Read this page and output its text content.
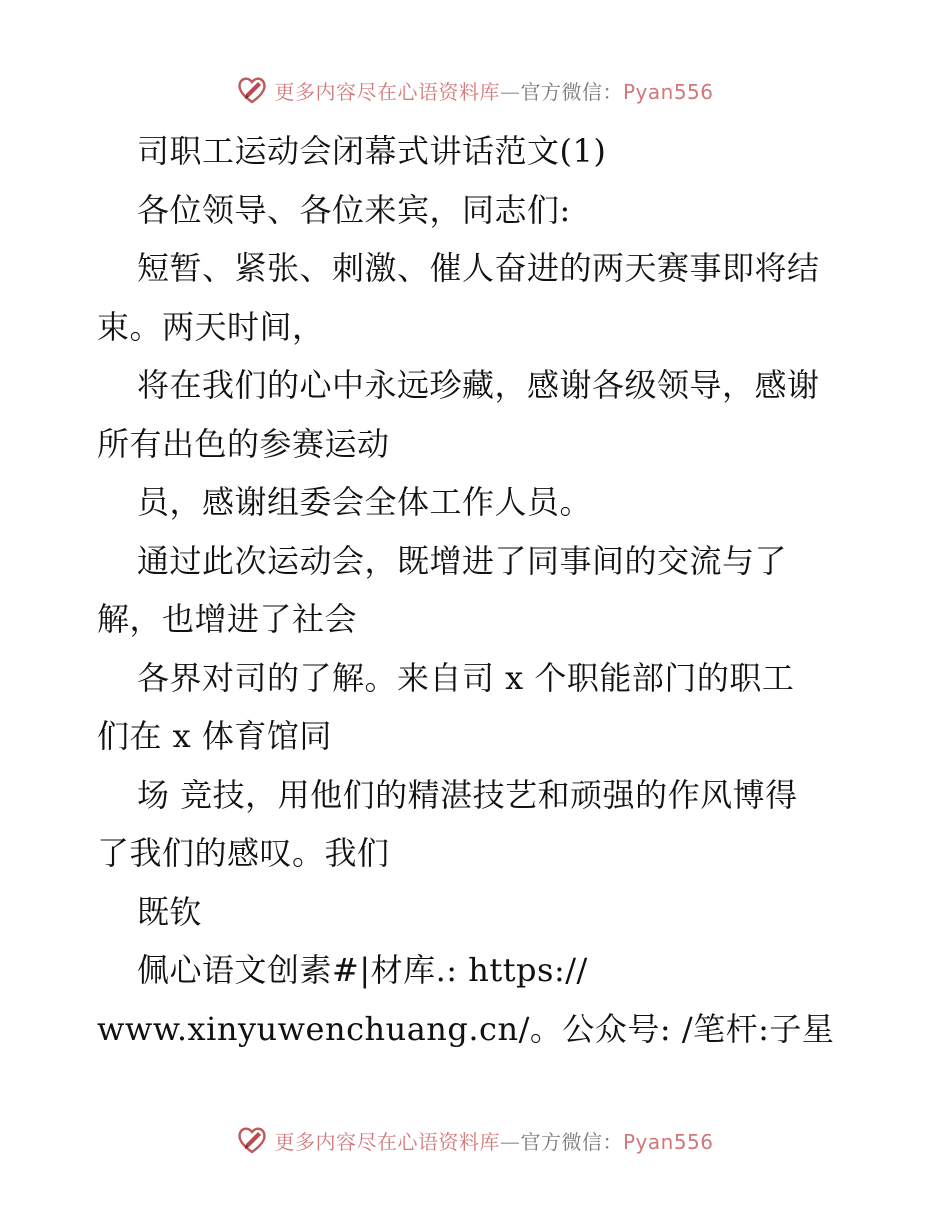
更多内容尽在心语资料库—官方微信：Pyan556
司职工运动会闭幕式讲话范文(1)
各位领导、各位来宾，同志们:
短暂、紧张、刺激、催人奋进的两天赛事即将结
束。两天时间，
将在我们的心中永远珍藏，感谢各级领导，感谢
所有出色的参赛运动
员，感谢组委会全体工作人员。
通过此次运动会，既增进了同事间的交流与了
解，也增进了社会
各界对司的了解。来自司 x 个职能部门的职工
们在 x 体育馆同
场 竞技，用他们的精湛技艺和顽强的作风博得
了我们的感叹。我们
既钦
佩心语文创素#|材库.: https://
www.xinyuwenchuang.cn/。公众号: /笔杆:子星
更多内容尽在心语资料库—官方微信：Pyan556
